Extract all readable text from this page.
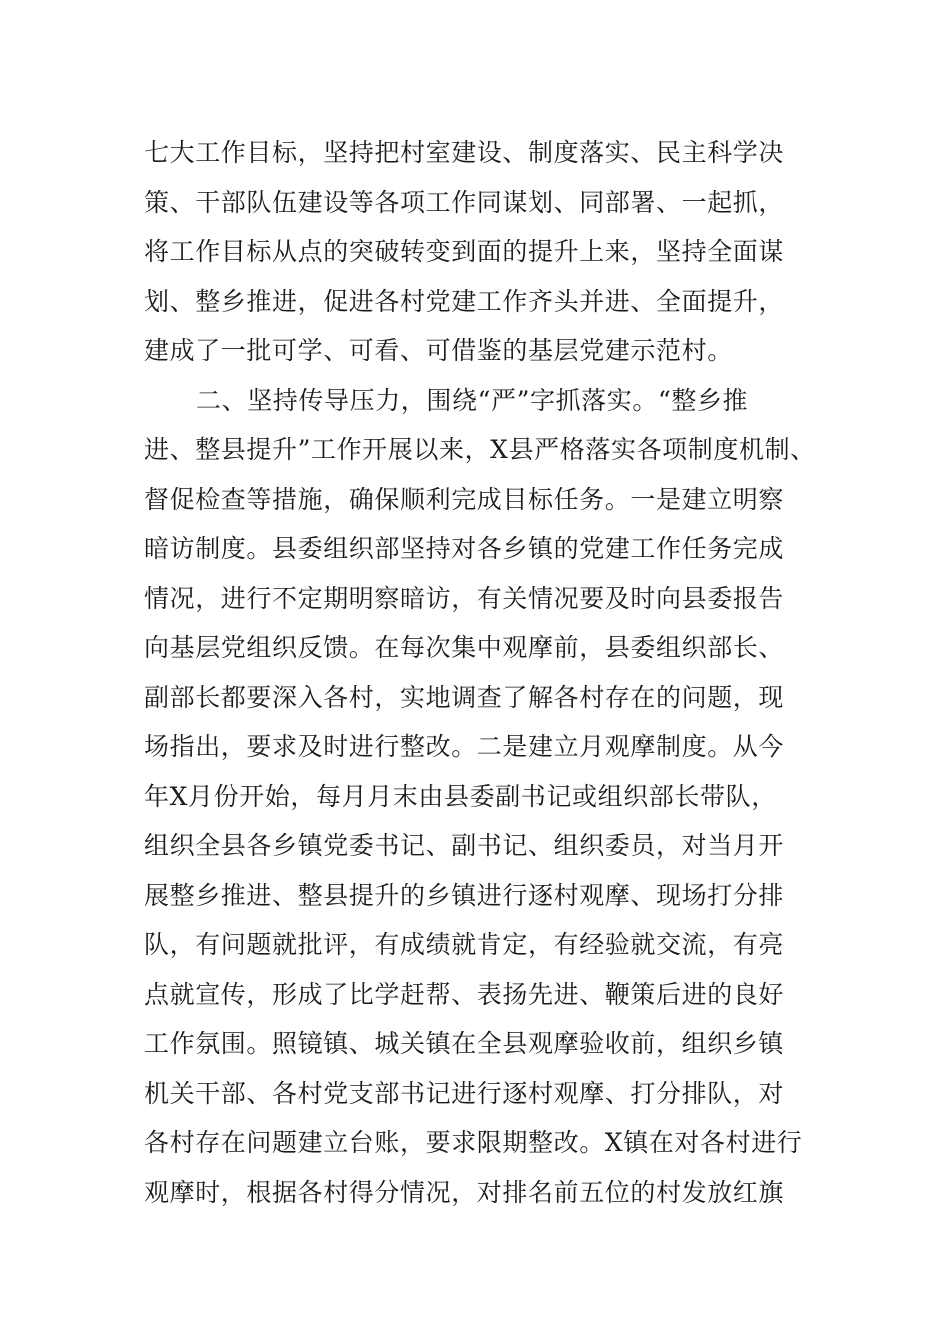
七大工作目标，坚持把村室建设、制度落实、民主科学决
策、干部队伍建设等各项工作同谋划、同部署、一起抓，
将工作目标从点的突破转变到面的提升上来，坚持全面谋
划、整乡推进，促进各村党建工作齐头并进、全面提升，
建成了一批可学、可看、可借鉴的基层党建示范村。
二、坚持传导压力，围绕“严”字抓落实。“整乡推
进、整县提升”工作开展以来，X县严格落实各项制度机制、
督促检查等措施，确保顺利完成目标任务。一是建立明察
暗访制度。县委组织部坚持对各乡镇的党建工作任务完成
情况，进行不定期明察暗访，有关情况要及时向县委报告
向基层党组织反馈。在每次集中观摩前，县委组织部长、
副部长都要深入各村，实地调查了解各村存在的问题，现
场指出，要求及时进行整改。二是建立月观摩制度。从今
年X月份开始，每月月末由县委副书记或组织部长带队，
组织全县各乡镇党委书记、副书记、组织委员，对当月开
展整乡推进、整县提升的乡镇进行逐村观摩、现场打分排
队，有问题就批评，有成绩就肯定，有经验就交流，有亮
点就宣传，形成了比学赶帮、表扬先进、鞭策后进的良好
工作氛围。照镜镇、城关镇在全县观摩验收前，组织乡镇
机关干部、各村党支部书记进行逐村观摩、打分排队，对
各村存在问题建立台账，要求限期整改。X镇在对各村进行
观摩时，根据各村得分情况，对排名前五位的村发放红旗
